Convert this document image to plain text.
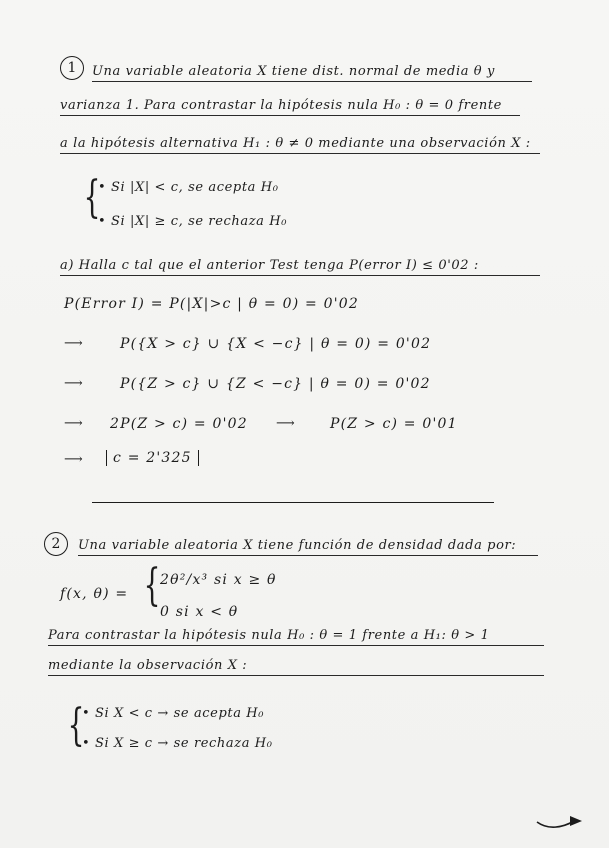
1	Una variable aleatoria X tiene dist. normal de media θ y
varianza 1. Para contrastar la hipótesis nula H₀ : θ = 0 frente
a la hipótesis alternativa H₁ : θ ≠ 0 mediante una observación X :
{
• Si |X| < c, se acepta H₀
• Si |X| ≥ c, se rechaza H₀
a) Halla c tal que el anterior Test tenga P(error I) ≤ 0'02 :
P(Error I) = P(|X|>c | θ = 0) = 0'02
⟶	P({X > c} ∪ {X < −c} | θ = 0) = 0'02
⟶	P({Z > c} ∪ {Z < −c} | θ = 0) = 0'02
⟶ 2P(Z > c) = 0'02 ⟶ P(Z > c) = 0'01
⟶	c = 2'325
2	Una variable aleatoria X tiene función de densidad dada por:
f(x, θ) = { 2θ²/x³ si x ≥ θ
0 si x < θ
Para contrastar la hipótesis nula H₀ : θ = 1 frente a H₁: θ > 1
mediante la observación X :
{
• Si X < c → se acepta H₀
• Si X ≥ c → se rechaza H₀
